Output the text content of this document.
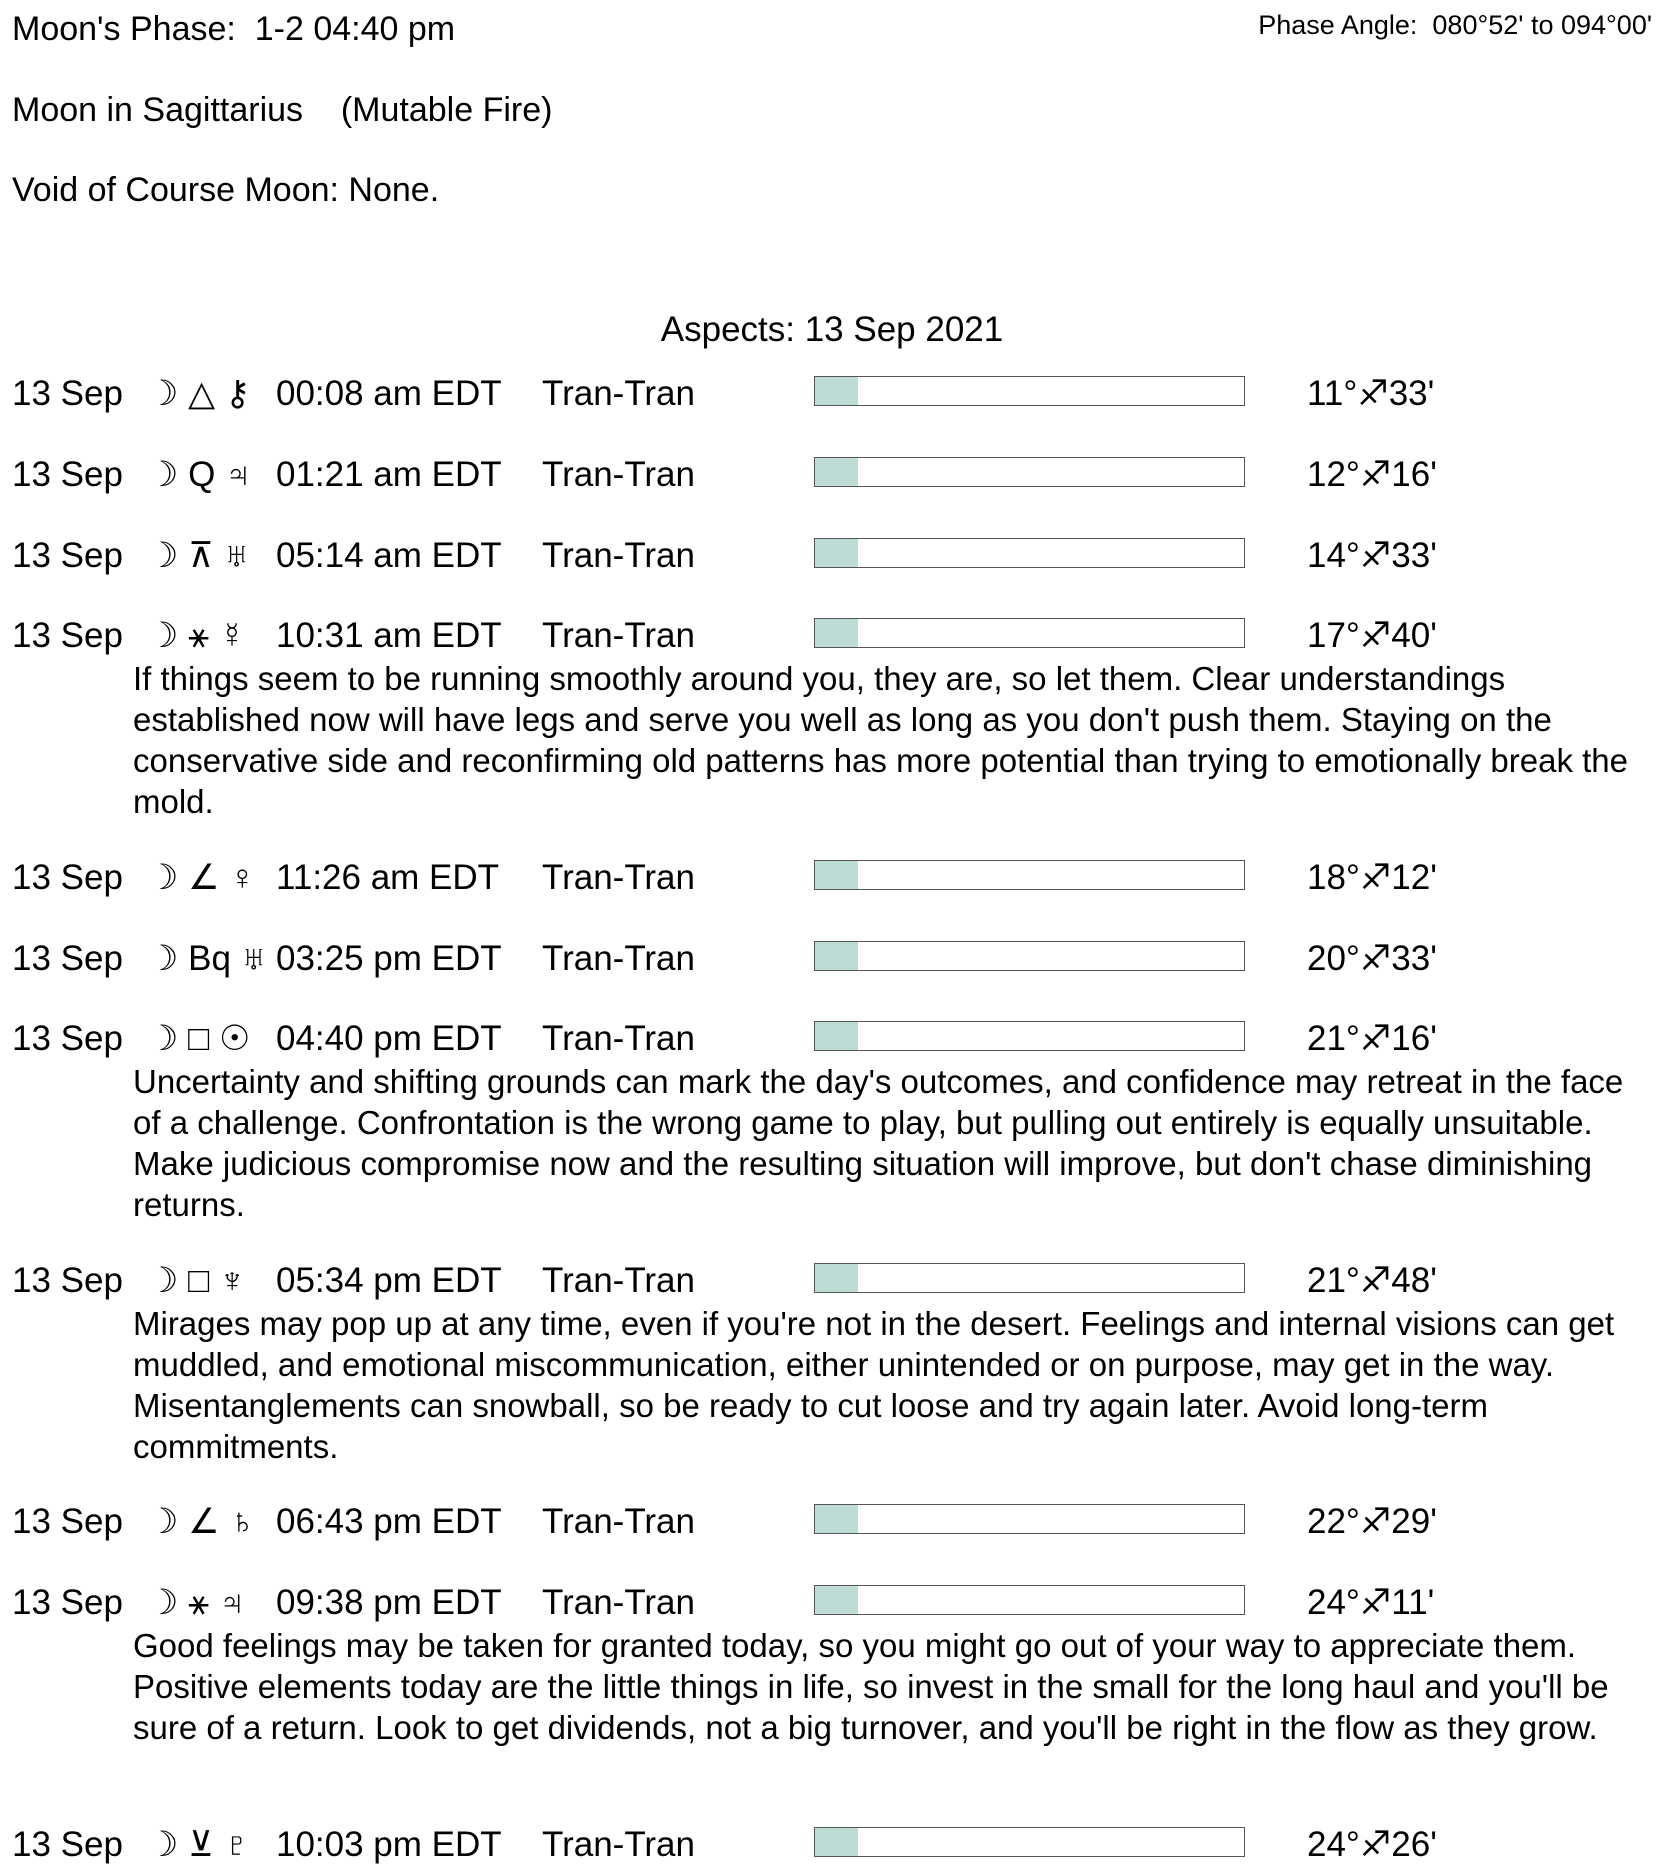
Moon's Phase: 1-2 04:40 pm	Phase Angle: 080°52' to 094°00'
Moon in Sagittarius (Mutable Fire)
Void of Course Moon: None.
Aspects: 13 Sep 2021
13 Sep ☽ △ ⚷ 00:08 am EDT Tran-Tran	11°♐33'
13 Sep ☽ Q ♃ 01:21 am EDT Tran-Tran	12°♐16'
13 Sep ☽ ⊼ ♅ 05:14 am EDT Tran-Tran	14°♐33'
13 Sep ☽ ⚹ ☿ 10:31 am EDT Tran-Tran	17°♐40'
If things seem to be running smoothly around you, they are, so let them. Clear understandings established now will have legs and serve you well as long as you don't push them. Staying on the conservative side and reconfirming old patterns has more potential than trying to emotionally break the mold.
13 Sep ☽ ∠ ♀ 11:26 am EDT Tran-Tran	18°♐12'
13 Sep ☽ Bq ♅ 03:25 pm EDT Tran-Tran	20°♐33'
13 Sep ☽ □ ☉ 04:40 pm EDT Tran-Tran	21°♐16'
Uncertainty and shifting grounds can mark the day's outcomes, and confidence may retreat in the face of a challenge. Confrontation is the wrong game to play, but pulling out entirely is equally unsuitable. Make judicious compromise now and the resulting situation will improve, but don't chase diminishing returns.
13 Sep ☽ □ ♆ 05:34 pm EDT Tran-Tran	21°♐48'
Mirages may pop up at any time, even if you're not in the desert. Feelings and internal visions can get muddled, and emotional miscommunication, either unintended or on purpose, may get in the way. Misentanglements can snowball, so be ready to cut loose and try again later. Avoid long-term commitments.
13 Sep ☽ ∠ ♄ 06:43 pm EDT Tran-Tran	22°♐29'
13 Sep ☽ ⚹ ♃ 09:38 pm EDT Tran-Tran	24°♐11'
Good feelings may be taken for granted today, so you might go out of your way to appreciate them. Positive elements today are the little things in life, so invest in the small for the long haul and you'll be sure of a return. Look to get dividends, not a big turnover, and you'll be right in the flow as they grow.
13 Sep ☽ ⊻ ♇ 10:03 pm EDT Tran-Tran	24°♐26'
